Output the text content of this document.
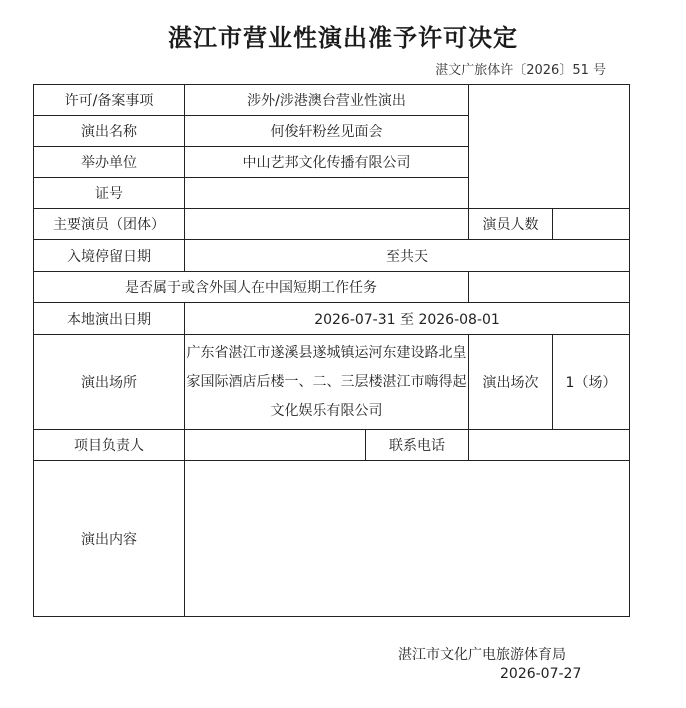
湛江市营业性演出准予许可决定
湛文广旅体许〔2026〕51 号
许可/备案事项	涉外/涉港澳台营业性演出			
演出名称	何俊轩粉丝见面会			
举办单位	中山艺邦文化传播有限公司			
证号				
主要演员（团体）			演员人数	
入境停留日期	至共天			
是否属于或含外国人在中国短期工作任务				
本地演出日期	2026-07-31 至 2026-08-01			
演出场所	广东省湛江市遂溪县遂城镇运河东建设路北皇家国际酒店后楼一、二、三层楼湛江市嗨得起文化娱乐有限公司		演出场次	1（场）
项目负责人		联系电话		
演出内容				
湛江市文化广电旅游体育局
2026-07-27
